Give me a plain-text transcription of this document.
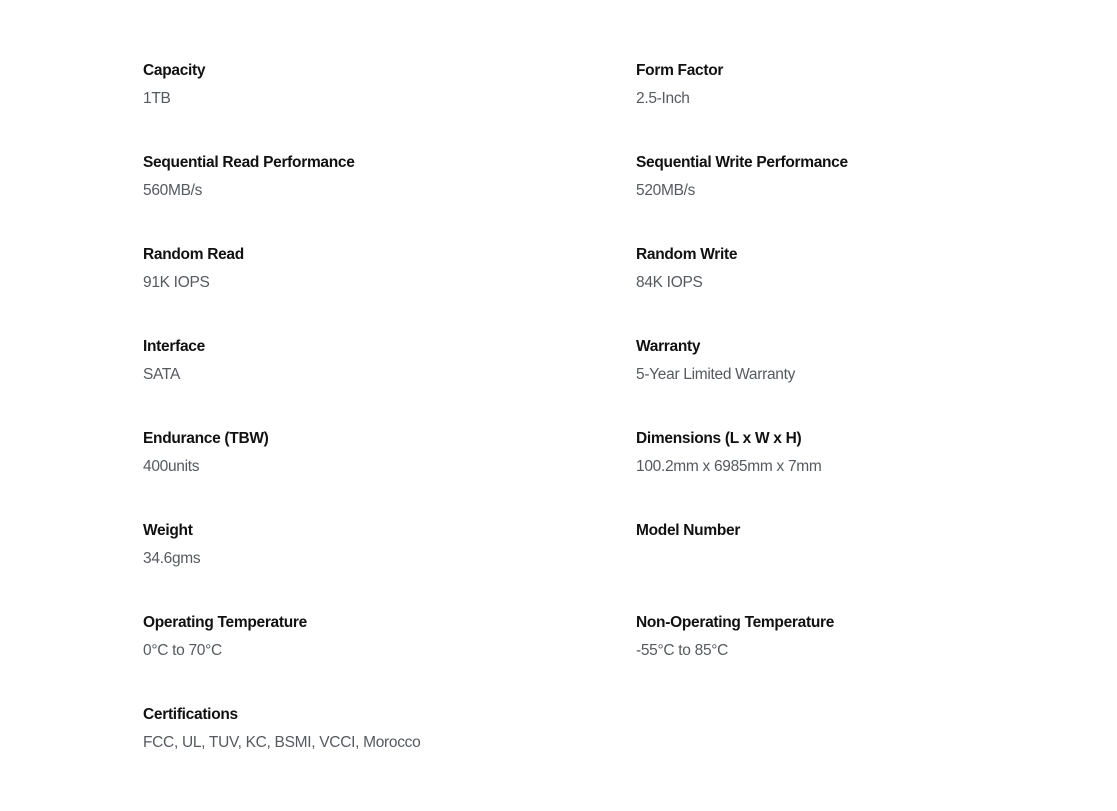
Capacity
1TB
Form Factor
2.5-Inch
Sequential Read Performance
560MB/s
Sequential Write Performance
520MB/s
Random Read
91K IOPS
Random Write
84K IOPS
Interface
SATA
Warranty
5-Year Limited Warranty
Endurance (TBW)
400units
Dimensions (L x W x H)
100.2mm x 6985mm x 7mm
Weight
34.6gms
Model Number
Operating Temperature
0°C to 70°C
Non-Operating Temperature
-55°C to 85°C
Certifications
FCC, UL, TUV, KC, BSMI, VCCI, Morocco
